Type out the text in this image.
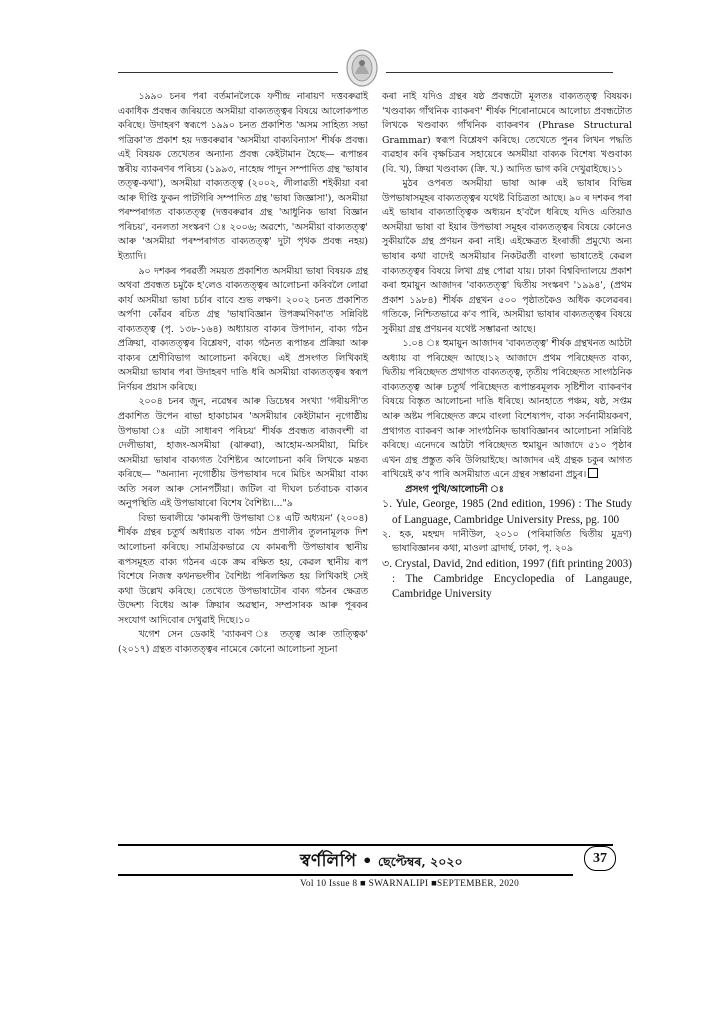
১৯৯০ চনৰ পৰা বৰ্তমানলৈকে ফণীন্দ্ৰ নাৰায়ণ দত্তবৰুৱাই একাধিক প্ৰবন্ধৰ জৰিয়তে অসমীয়া বাক্যতত্ত্বৰ বিষয়ে আলোকপাত কৰিছে। উদাহৰণ স্বৰূপে ১৯৯০ চনত প্ৰকাশিত 'অসম সাহিত্য সভা পত্ৰিকা'ত প্ৰকাশ হয় দত্তবৰুৱাৰ 'অসমীয়া বাক্যবিন্যাস' শীৰ্ষক প্ৰবন্ধ। এই বিষয়ক তেখেতৰ অন্যান্য প্ৰবন্ধ কেইটামান হৈছে— ৰূপান্তৰ স্তৰীয় ব্যাকৰণৰ পৰিচয় (১৯৯৩, নাহেন্দ্ৰ পাদুন সম্পাদিত গ্ৰন্থ 'ভাষাৰ তত্ত্ব-কথা'), অসমীয়া বাক্যতত্ত্ব (২০০২, লীলাৱতী শইকীয়া বৰা আৰু দীপ্তি ফুকন পাটগিৰি সম্পাদিত গ্ৰন্থ 'ভাষা জিজ্ঞাসা'), অসমীয়া পৰম্পৰাগত বাক্যতত্ত্ব (দত্তবৰুৱাৰ গ্ৰন্থ 'আধুনিক ভাষা বিজ্ঞান পৰিচয়', বনলতা সংস্কৰণ ঃ ২০০৬; অৱশ্যে, 'অসমীয়া বাক্যতত্ত্ব' আৰু 'অসমীয়া পৰম্পৰাগত বাক্যতত্ত্ব' দুটা পৃথক প্ৰবন্ধ নহয়) ইত্যাদি।

৯০ দশকৰ পৰৱৰ্তী সময়ত প্ৰকাশিত অসমীয়া ভাষা বিষয়ক গ্ৰন্থ অথবা প্ৰবন্ধত চমুকৈ হ'লেও বাক্যতত্ত্বৰ আলোচনা কৰিবলৈ লোৱা কাৰ্য অসমীয়া ভাষা চৰ্চাৰ বাবে শুভ লক্ষণ। ২০০২ চনত প্ৰকাশিত অৰ্পণা কোঁৱৰ ৰচিত গ্ৰন্থ 'ভাষাবিজ্ঞান উপক্ৰমণিকা'ত সন্নিবিষ্ট বাক্যতত্ত্ব (পৃ. ১৩৮-১৬৪) অধ্যায়ত বাক্যৰ উপাদান, বাক্য গঠন প্ৰক্ৰিয়া, বাক্যতত্ত্বৰ বিশ্লেষণ, বাক্য গঠনত ৰূপান্তৰ প্ৰক্ৰিয়া আৰু বাক্যৰ শ্ৰেণীবিভাগ আলোচনা কৰিছে। এই প্ৰসংগত লিখিকাই অসমীয়া ভাষাৰ পৰা উদাহৰণ দাঙি ধৰি অসমীয়া বাক্যতত্ত্বৰ স্বৰূপ নিৰ্ণয়ৰ প্ৰয়াস কৰিছে।

২০০৪ চনৰ জুন, নৱেম্বৰ আৰু ডিচেম্বৰ সংখ্যা 'গৰীয়সী'ত প্ৰকাশিত উপেন ৰাভা হাকাচামৰ 'অসমীয়াৰ কেইটামান নৃগোষ্ঠীয় উপভাষা ঃ এটা সাধাৰণ পৰিচয়' শীৰ্ষক প্ৰবন্ধত ৰাজবংশী বা দেলীভাষা, হাজং-অসমীয়া (ঝাৰুৱা), আহোম-অসমীয়া, মিচিং অসমীয়া ভাষাৰ বাক্যগত বৈশিষ্ট্যৰ আলোচনা কৰি লিখকে মন্তব্য কৰিছে— "অন্যান্য নৃগোষ্ঠীয় উপভাষাৰ দৰে মিচিং অসমীয়া বাক্য অতি সৰল আৰু সোনপটীয়া। জটিল বা দীঘল চৰ্তবাচক বাক্যৰ অনুপস্থিতি এই উপভাষাৰো বিশেষ বৈশিষ্ট্য।..."৯

বিভা ভৰালীয়ে 'কামৰূপী উপভাষা ঃ এটি অধ্যয়ন' (২০০৪) শীৰ্ষক গ্ৰন্থৰ চতুৰ্থ অধ্যায়ত বাক্য গঠন প্ৰণালীৰ তুলনামূলক দিশ আলোচনা কৰিছে। সামগ্ৰিকভাৱে যে কামৰূপী উপভাষাৰ স্থানীয় ৰূপসমূহত বাক্য গঠনৰ একে ক্ৰম ৰক্ষিত হয়, কেৱল স্থানীয় ৰূপ বিশেষে নিজস্ব কথনভংগীৰ বৈশিষ্ট্য পৰিলক্ষিত হয় লিখিকাই সেই কথা উল্লেখ কৰিছে। তেখেতে উপভাষাটোৰ বাক্য গঠনৰ ক্ষেত্ৰত উদ্দেশ্য বিধেয় আৰু ক্ৰিয়াৰ অৱস্থান, সম্প্ৰসাৰক আৰু পূৰকৰ সংযোগ আদিবোৰ দেখুৱাই দিছে।১০

খগেশ সেন ডেকাই 'ব্যাকৰণ ঃ তত্ত্ব আৰু তাত্ত্বিক' (২০১৭) গ্ৰন্থত বাক্যতত্ত্বৰ নামেৰে কোনো আলোচনা সূচনা

কৰা নাই যদিও গ্ৰন্থৰ ষষ্ঠ প্ৰবন্ধটো মূলতঃ বাক্যতত্ত্ব বিষয়ক। 'খণ্ডবাক্য গাঁথনিক ব্যাকৰণ' শীৰ্ষক শিৰোনামেৰে আলোচ্য প্ৰবন্ধটোত লিখকে খণ্ডবাক্য গাঁথনিক ব্যাকৰণৰ (Phrase Structural Grammar) স্বৰূপ বিশ্লেষণ কৰিছে। তেখেতে পুনৰ লিখন পদ্ধতি ব্যৱহাৰ কৰি বৃক্ষচিত্ৰৰ সহায়েৰে অসমীয়া বাক্যক বিশেষ্য খণ্ডবাক্য (বি. খ), ক্ৰিয়া খণ্ডবাক্য (ক্ৰি. খ.) আদিত ভাগ কৰি দেখুৱাইছে।১১

মুঠৰ ওপৰত অসমীয়া ভাষা আৰু এই ভাষাৰ বিভিন্ন উপভাষাসমূহৰ বাক্যতত্ত্বৰ যথেষ্ট বিচিত্ৰতা আছে। ৯০ ৰ দশকৰ পৰা এই ভাষাৰ বাক্যতাত্ত্বিক অধ্যয়ন হ'বলৈ ধৰিছে যদিও এতিয়াও অসমীয়া ভাষা বা ইয়াৰ উপভাষা সমূহৰ বাক্যতত্ত্বৰ বিষয়ে কোনেও সুকীয়াকৈ গ্ৰন্থ প্ৰণয়ন কৰা নাই। এইক্ষেত্ৰত ইংৰাজী প্ৰমুখ্যে অন্য ভাষাৰ কথা বাদেই অসমীয়াৰ নিকটৱৰ্তী বাংলা ভাষাতেই কেৱল বাক্যতত্ত্বৰ বিষয়ে লিখা গ্ৰন্থ পোৱা যায়। ঢাকা বিশ্ববিদ্যালয়ে প্ৰকাশ কৰা হুমায়ুন আজাদৰ 'বাক্যতত্ত্ব' দ্বিতীয় সংস্কৰণ '১৯৯৪', (প্ৰথম প্ৰকাশ ১৯৮৪) শীৰ্ষক গ্ৰন্থখন ৫০০ পৃষ্ঠাতকৈও অধিক কলেৱৰৰ। গতিকে, নিশ্চিতভাৱে ক'ব পাৰি, অসমীয়া ভাষাৰ বাক্যতত্ত্বৰ বিষয়ে সুকীয়া গ্ৰন্থ প্ৰণয়নৰ যথেষ্ট সম্ভাৱনা আছে।

১.০৪ ঃ হুমায়ুন আজাদৰ 'বাক্যতত্ত্ব' শীৰ্ষক গ্ৰন্থখনত আঠটা অধ্যায় বা পৰিচ্ছেদ আছে।১২ আজাদে প্ৰথম পৰিচ্ছেদত বাক্য, দ্বিতীয় পৰিচ্ছেদত প্ৰথাগত বাক্যতত্ত্ব, তৃতীয় পৰিচ্ছেদত সাংগঠনিক বাক্যতত্ত্ব আৰু চতুৰ্থ পৰিচ্ছেদত ৰূপান্তৰমূলক সৃষ্টিশীল ব্যাকৰণৰ বিষয়ে বিস্তৃত আলোচনা দাঙি ধৰিছে। আনহাতে পঞ্চম, ষষ্ঠ, সপ্তম আৰু অষ্টম পৰিচ্ছেদত ক্ৰমে বাংলা বিশেষ্যপদ, বাক্য সৰ্বনামীয়কৰণ, প্ৰথাগত ব্যাকৰণ আৰু সাংগঠনিক ভাষাবিজ্ঞানৰ আলোচনা সন্নিবিষ্ট কৰিছে। এনেদৰে আঠটা পৰিচ্ছেদত হুমায়ুন আজাদে ৫১০ পৃষ্ঠাৰ এখন গ্ৰন্থ প্ৰস্তুত কৰি উলিয়াইছে। আজাদৰ এই গ্ৰন্থক চকুৰ আগত ৰাখিয়েই ক'ব পাৰি অসমীয়াত এনে গ্ৰন্থৰ সম্ভাৱনা প্ৰচুৰ।

প্ৰসংগ পুথি/আলোচনী ঃ

১. Yule, George, 1985 (2nd edition, 1996) : The Study of Language, Cambridge University Press, pg. 100

২. হক, মহম্মদ দানীউল, ২০১০ (পৰিমাৰ্জিত দ্বিতীয় মুদ্ৰণ) ভাষাবিজ্ঞানৰ কথা, মাওলা ব্ৰাদাৰ্ছ, ঢাকা, পৃ. ২০৯

৩. Crystal, David, 2nd edition, 1997 (fift printing 2003) : The Cambridge Encyclopedia of Langauge, Cambridge University

স্বৰ্ণলিপি • ছেপ্টেম্বৰ, ২০২০
Vol 10 Issue 8 ■ SWARNALIPI ■SEPTEMBER, 2020
37
